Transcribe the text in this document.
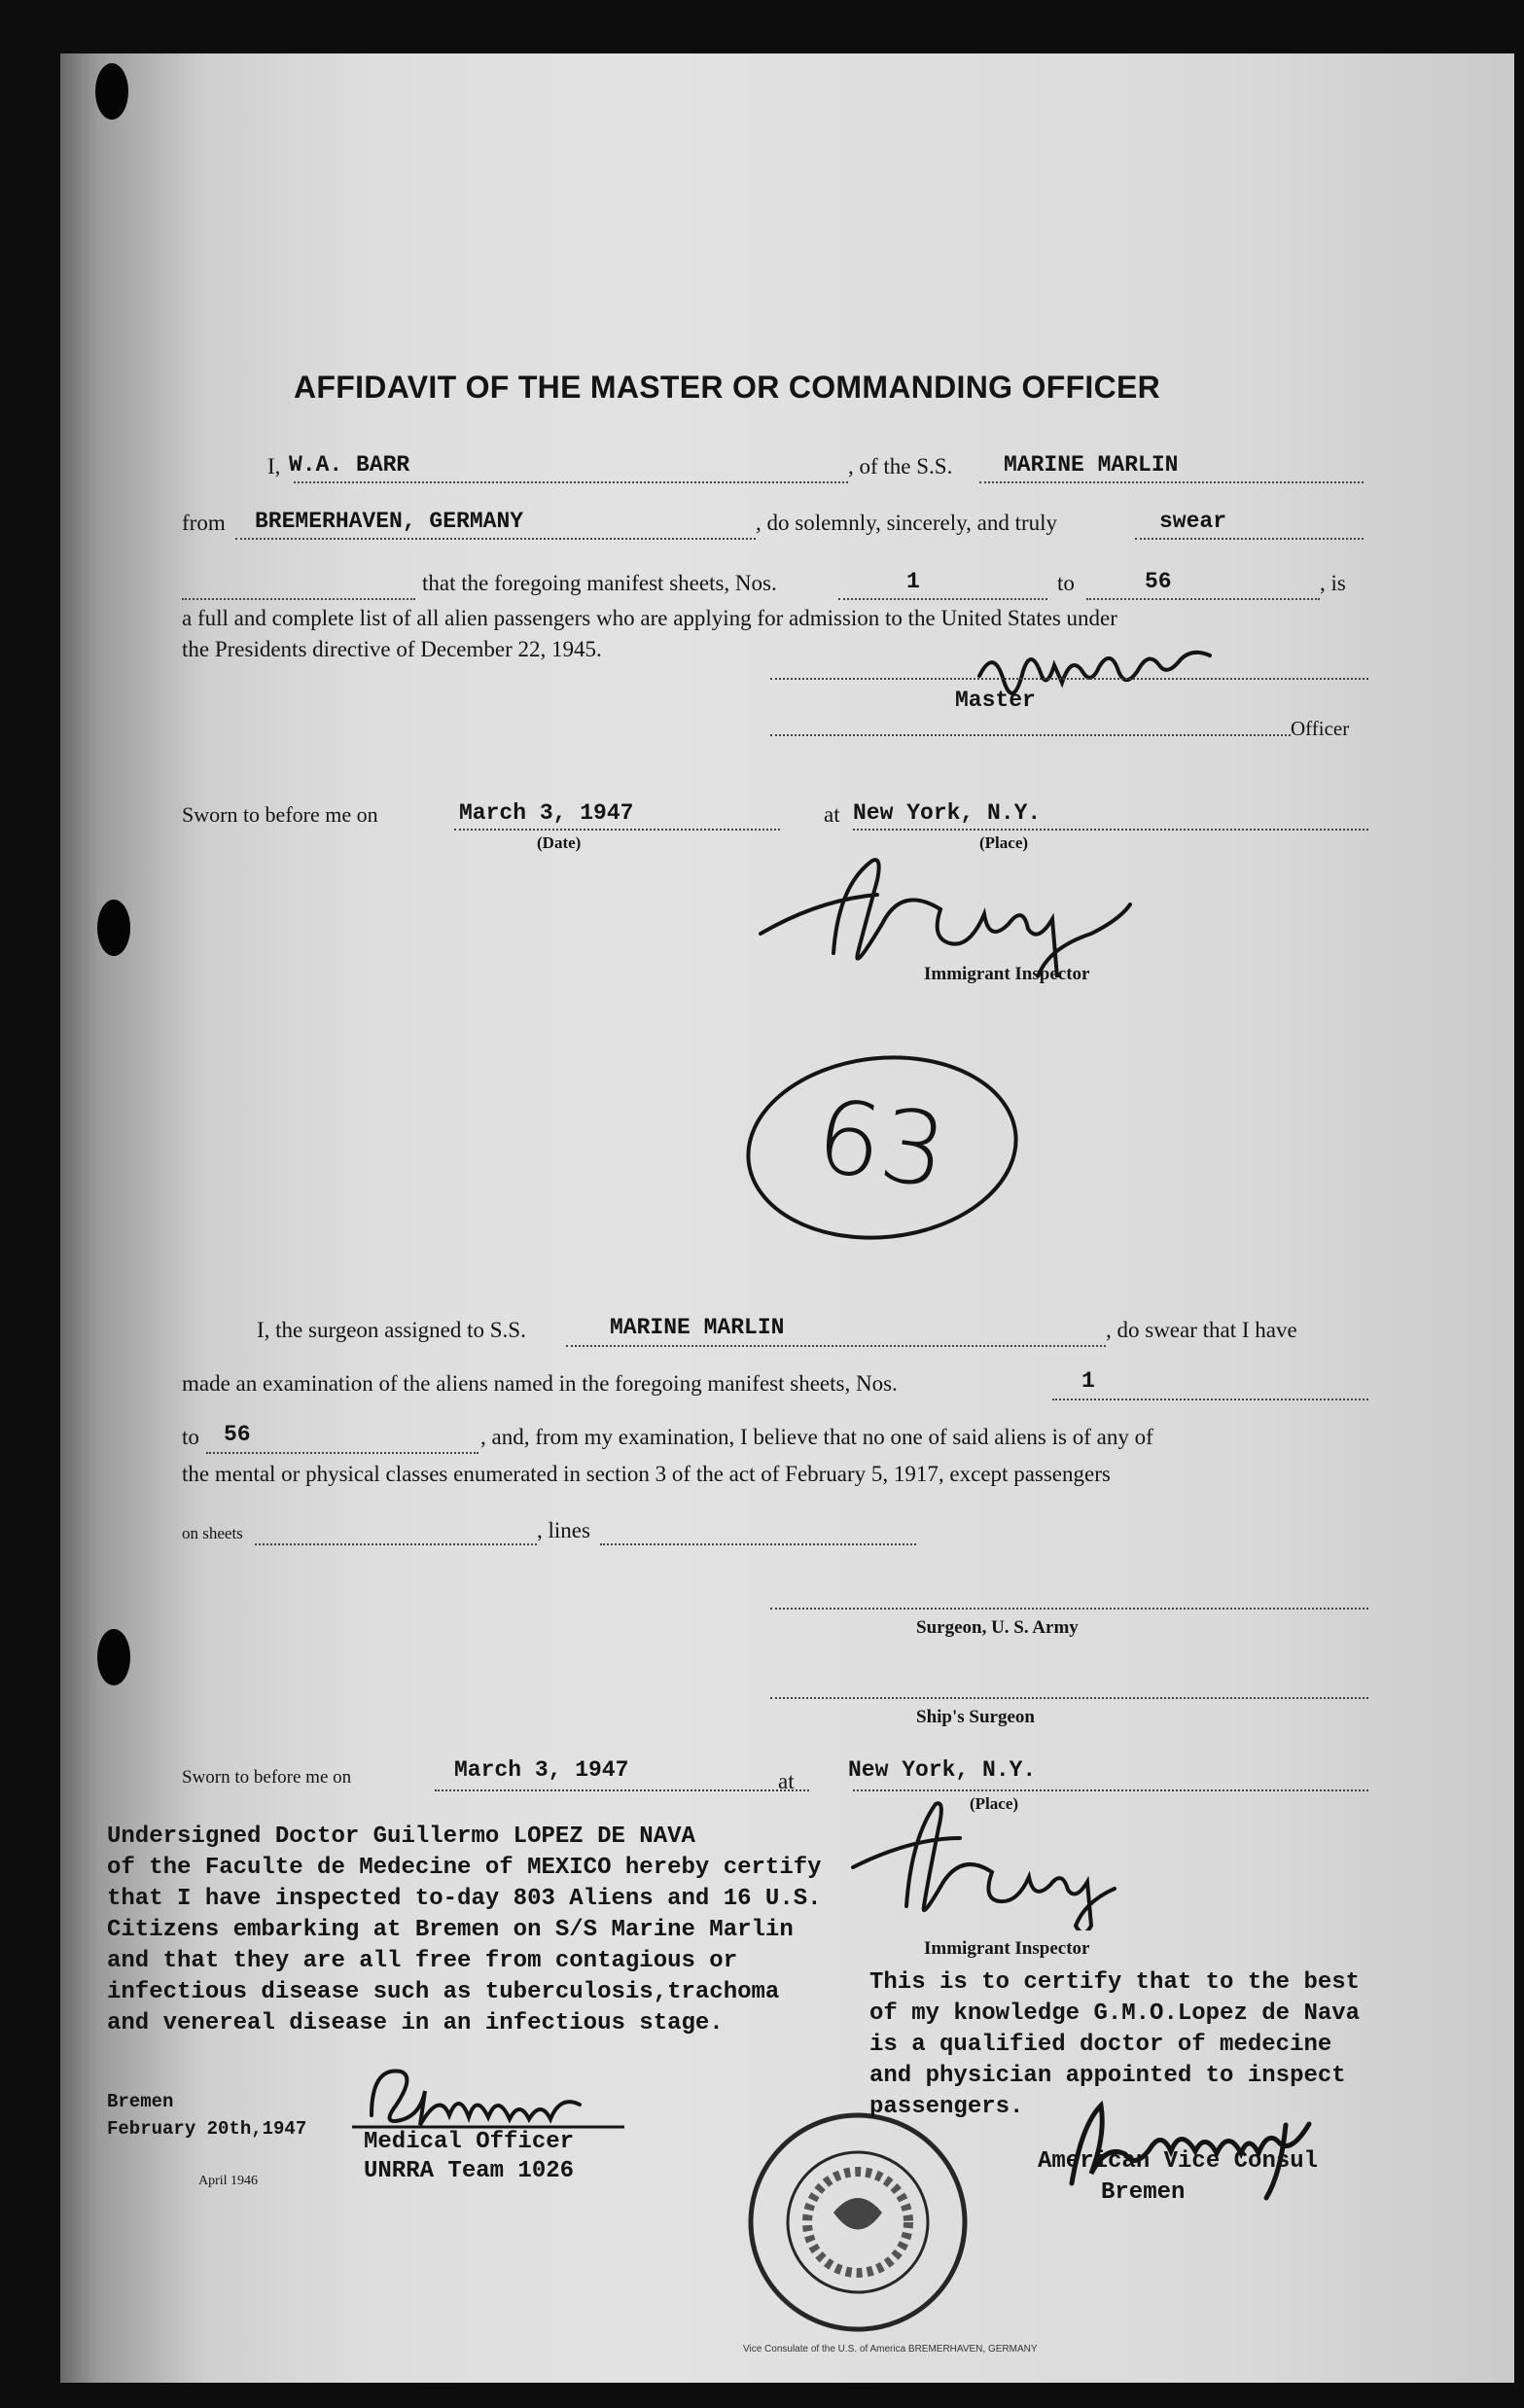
AFFIDAVIT OF THE MASTER OR COMMANDING OFFICER
I, W.A. BARR	, of the S.S. MARINE MARLIN
from BREMERHAVEN, GERMANY	, do solemnly, sincerely, and truly	swear
that the foregoing manifest sheets, Nos.	1	to	56	, is
a full and complete list of all alien passengers who are applying for admission to the United States under
the Presidents directive of December 22, 1945.
Master
Officer
Sworn to before me on	March 3, 1947
(Date)
at New York, N.Y.
(Place)
Immigrant Inspector
63
I, the surgeon assigned to S.S.	MARINE MARLIN	, do swear that I have
made an examination of the aliens named in the foregoing manifest sheets, Nos.	1
to 56	, and, from my examination, I believe that no one of said aliens is of any of
the mental or physical classes enumerated in section 3 of the act of February 5, 1917, except passengers
on sheets	, lines
Surgeon, U. S. Army
Ship's Surgeon
Sworn to before me on	March 3, 1947	at New York, N.Y.
(Place)
Immigrant Inspector
Undersigned Doctor Guillermo LOPEZ DE NAVA
of the Faculte de Medecine of MEXICO hereby certify
that I have inspected to-day 803 Aliens and 16 U.S.
Citizens embarking at Bremen on S/S Marine Marlin
and that they are all free from contagious or
infectious disease such as tuberculosis,trachoma
and venereal disease in an infectious stage.
Bremen
February 20th,1947 Medical Officer
UNRRA Team 1026
April 1946
Vice Consulate of the U.S. of America BREMERHAVEN, GERMANY
This is to certify that to the best
of my knowledge G.M.O.Lopez de Nava
is a qualified doctor of medecine
and physician appointed to inspect
passengers.
American Vice Consul
Bremen
